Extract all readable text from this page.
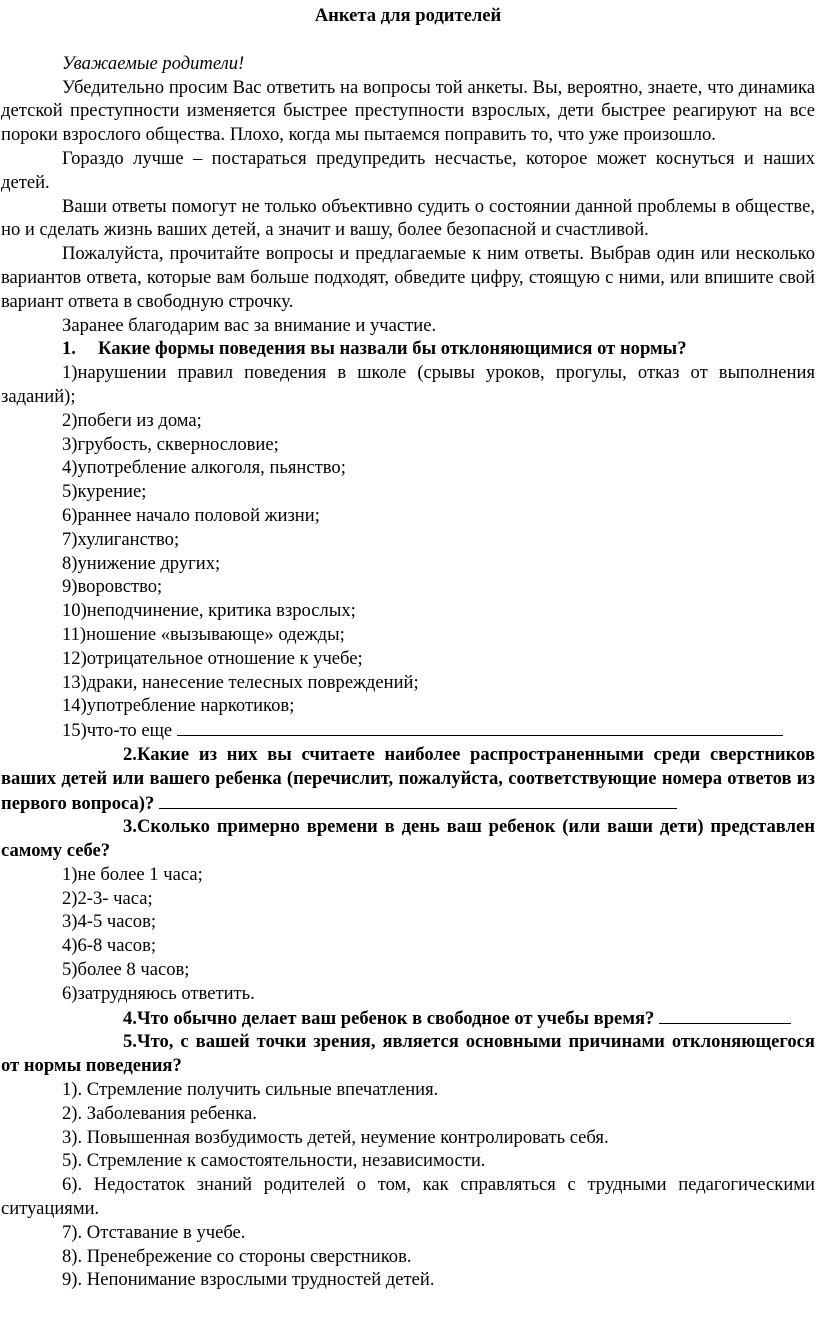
Анкета для родителей

Уважаемые родители!

Убедительно просим Вас ответить на вопросы той анкеты. Вы, вероятно, знаете, что динамика детской преступности изменяется быстрее преступности взрослых, дети быстрее реагируют на все пороки взрослого общества. Плохо, когда мы пытаемся поправить то, что уже произошло.

Гораздо лучше – постараться предупредить несчастье, которое может коснуться и наших детей.

Ваши ответы помогут не только объективно судить о состоянии данной проблемы в обществе, но и сделать жизнь ваших детей, а значит и вашу, более безопасной и счастливой.

Пожалуйста, прочитайте вопросы и предлагаемые к ним ответы. Выбрав один или несколько вариантов ответа, которые вам больше подходят, обведите цифру, стоящую с ними, или впишите свой вариант ответа в свободную строчку.

Заранее благодарим вас за внимание и участие.

1. Какие формы поведения вы назвали бы отклоняющимися от нормы?

1)нарушении правил поведения в школе (срывы уроков, прогулы, отказ от выполнения заданий);

2)побеги из дома;

3)грубость, сквернословие;

4)употребление алкоголя, пьянство;

5)курение;

6)раннее начало половой жизни;

7)хулиганство;

8)унижение других;

9)воровство;

10)неподчинение, критика взрослых;

11)ношение «вызывающе» одежды;

12)отрицательное отношение к учебе;

13)драки, нанесение телесных повреждений;

14)употребление наркотиков;

15)что-то еще

2.Какие из них вы считаете наиболее распространенными среди сверстников ваших детей или вашего ребенка (перечислит, пожалуйста, соответствующие номера ответов из первого вопроса)?

3.Сколько примерно времени в день ваш ребенок (или ваши дети) представлен самому себе?

1)не более 1 часа;

2)2-3- часа;

3)4-5 часов;

4)6-8 часов;

5)более 8 часов;

6)затрудняюсь ответить.

4.Что обычно делает ваш ребенок в свободное от учебы время?

5.Что, с вашей точки зрения, является основными причинами отклоняющегося от нормы поведения?

1). Стремление получить сильные впечатления.

2). Заболевания ребенка.

3). Повышенная возбудимость детей, неумение контролировать себя.

5). Стремление к самостоятельности, независимости.

6). Недостаток знаний родителей о том, как справляться с трудными педагогическими ситуациями.

7). Отставание в учебе.

8). Пренебрежение со стороны сверстников.

9). Непонимание взрослыми трудностей детей.
